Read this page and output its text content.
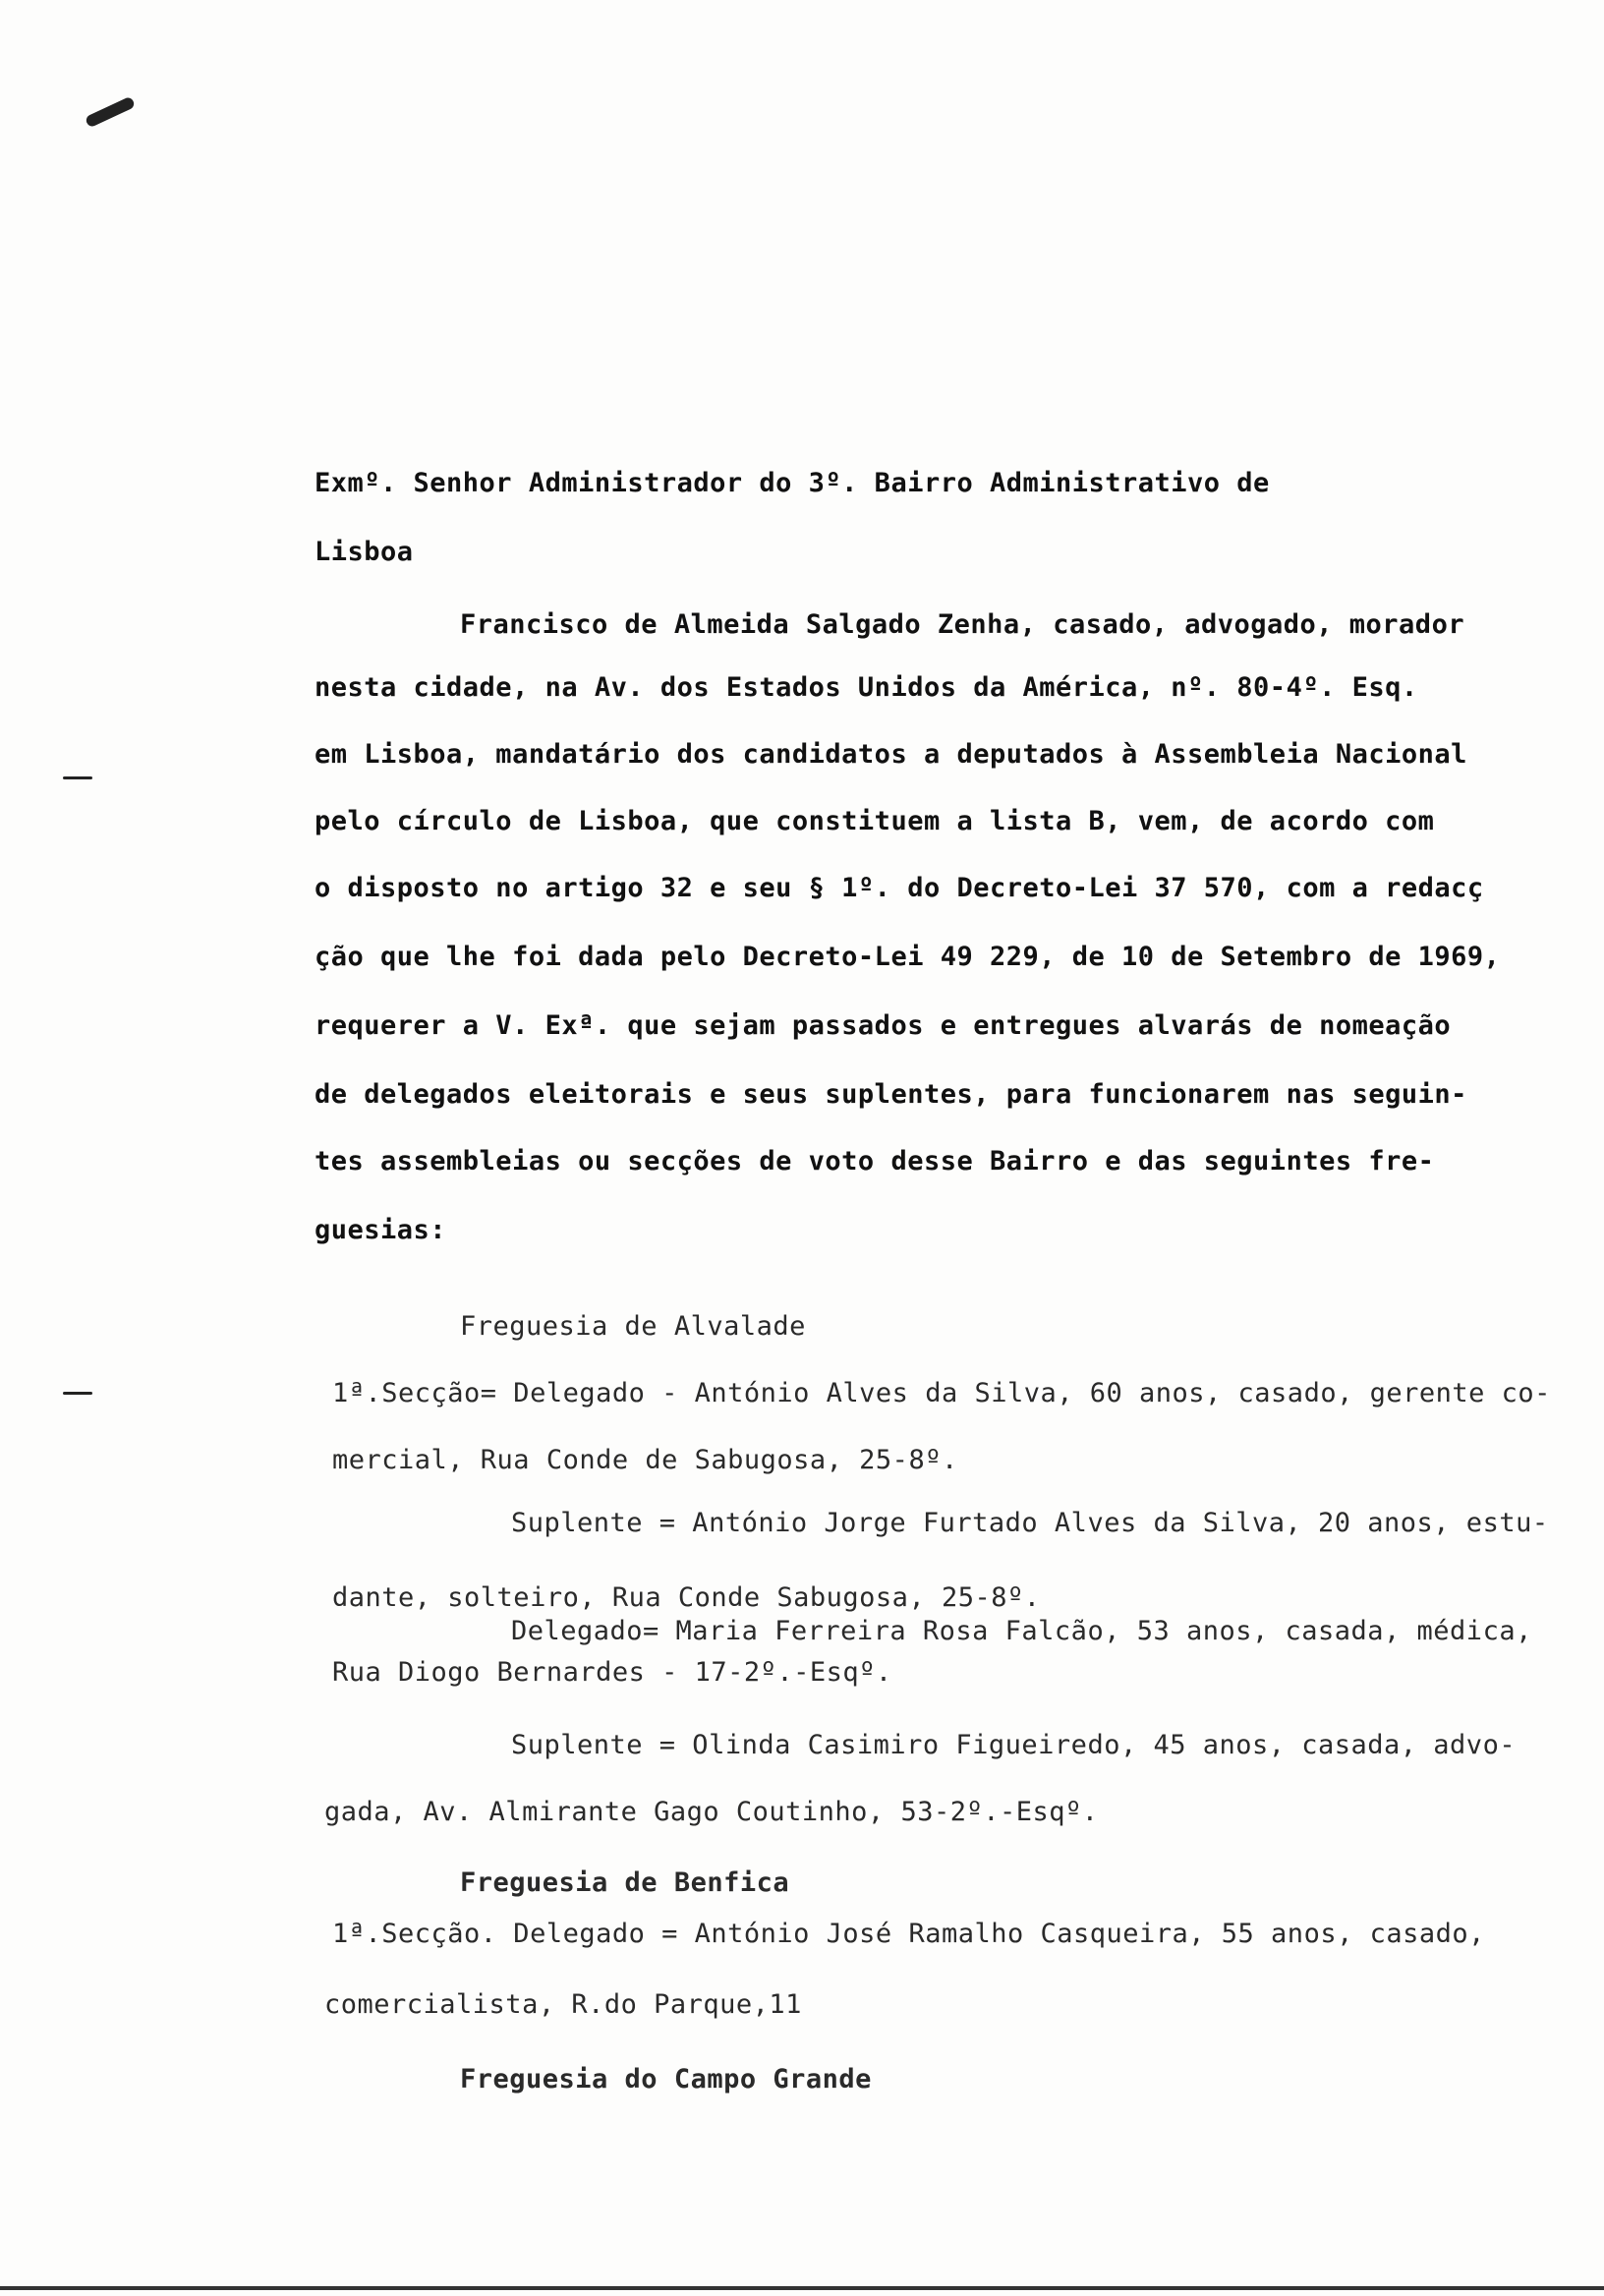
Exmº. Senhor Administrador do 3º. Bairro Administrativo de
Lisboa
Francisco de Almeida Salgado Zenha, casado, advogado, morador
nesta cidade, na Av. dos Estados Unidos da América, nº. 80-4º. Esq.
em Lisboa, mandatário dos candidatos a deputados à Assembleia Nacional
pelo círculo de Lisboa, que constituem a lista B, vem, de acordo com
o disposto no artigo 32 e seu § 1º. do Decreto-Lei 37 570, com a redacç
ção que lhe foi dada pelo Decreto-Lei 49 229, de 10 de Setembro de 1969,
requerer a V. Exª. que sejam passados e entregues alvarás de nomeação
de delegados eleitorais e seus suplentes, para funcionarem nas seguin-
tes assembleias ou secções de voto desse Bairro e das seguintes fre-
guesias:
Freguesia de Alvalade
1ª.Secção= Delegado - António Alves da Silva, 60 anos, casado, gerente co-
mercial, Rua Conde de Sabugosa, 25-8º.
Suplente = António Jorge Furtado Alves da Silva, 20 anos, estu-
dante, solteiro, Rua Conde Sabugosa, 25-8º.
Delegado= Maria Ferreira Rosa Falcão, 53 anos, casada, médica,
Rua Diogo Bernardes - 17-2º.-Esqº.
Suplente = Olinda Casimiro Figueiredo, 45 anos, casada, advo-
gada, Av. Almirante Gago Coutinho, 53-2º.-Esqº.
Freguesia de Benfica
1ª.Secção. Delegado = António José Ramalho Casqueira, 55 anos, casado,
comercialista, R.do Parque,11
Freguesia do Campo Grande
